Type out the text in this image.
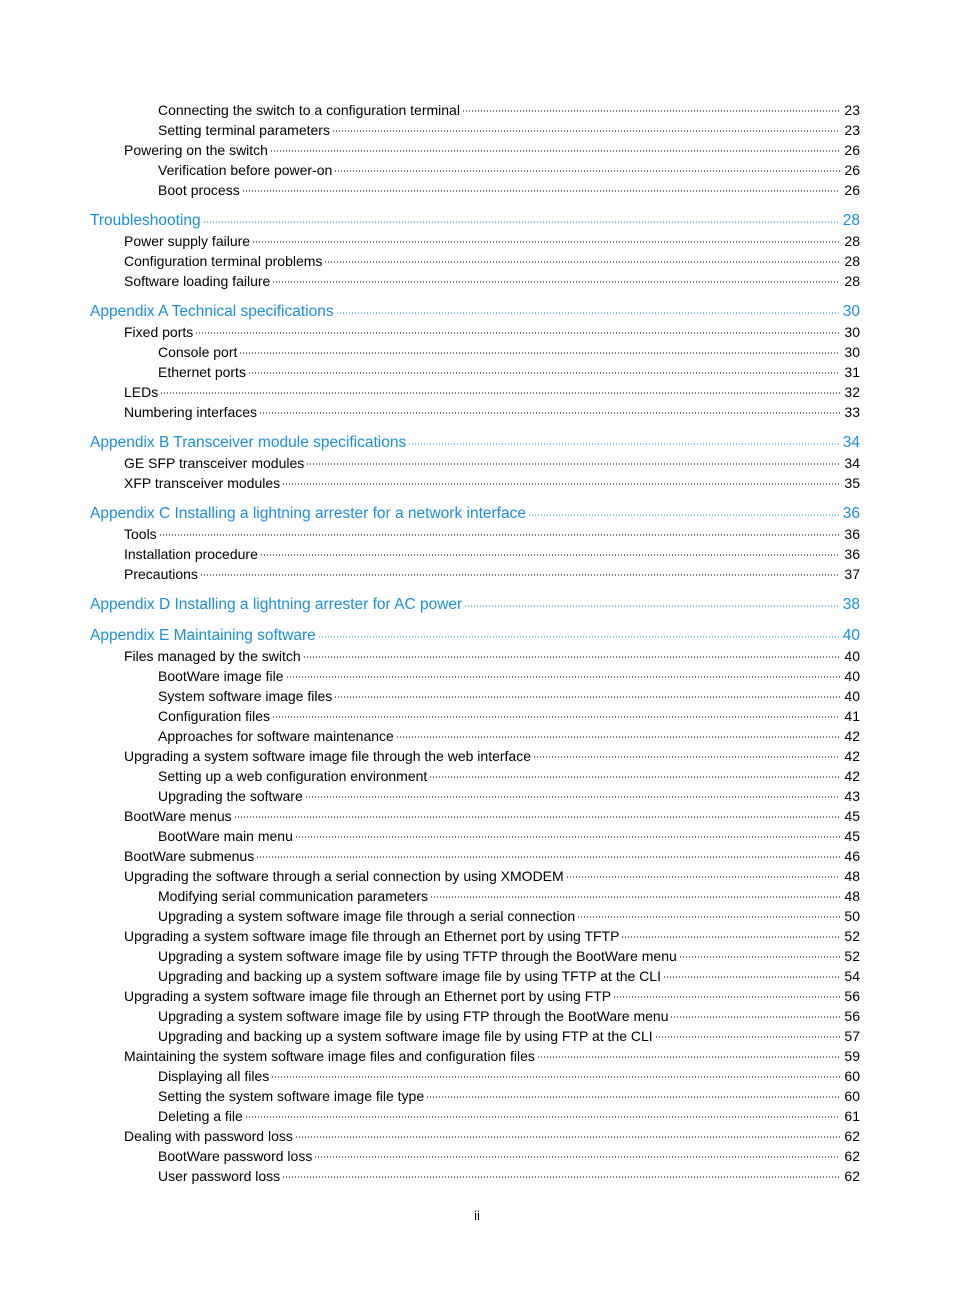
Connecting the switch to a configuration terminal	23
Setting terminal parameters	23
Powering on the switch	26
Verification before power-on	26
Boot process	26
Troubleshooting	28
Power supply failure	28
Configuration terminal problems	28
Software loading failure	28
Appendix A Technical specifications	30
Fixed ports	30
Console port	30
Ethernet ports	31
LEDs	32
Numbering interfaces	33
Appendix B Transceiver module specifications	34
GE SFP transceiver modules	34
XFP transceiver modules	35
Appendix C Installing a lightning arrester for a network interface	36
Tools	36
Installation procedure	36
Precautions	37
Appendix D Installing a lightning arrester for AC power	38
Appendix E Maintaining software	40
Files managed by the switch	40
BootWare image file	40
System software image files	40
Configuration files	41
Approaches for software maintenance	42
Upgrading a system software image file through the web interface	42
Setting up a web configuration environment	42
Upgrading the software	43
BootWare menus	45
BootWare main menu	45
BootWare submenus	46
Upgrading the software through a serial connection by using XMODEM	48
Modifying serial communication parameters	48
Upgrading a system software image file through a serial connection	50
Upgrading a system software image file through an Ethernet port by using TFTP	52
Upgrading a system software image file by using TFTP through the BootWare menu	52
Upgrading and backing up a system software image file by using TFTP at the CLI	54
Upgrading a system software image file through an Ethernet port by using FTP	56
Upgrading a system software image file by using FTP through the BootWare menu	56
Upgrading and backing up a system software image file by using FTP at the CLI	57
Maintaining the system software image files and configuration files	59
Displaying all files	60
Setting the system software image file type	60
Deleting a file	61
Dealing with password loss	62
BootWare password loss	62
User password loss	62
ii
